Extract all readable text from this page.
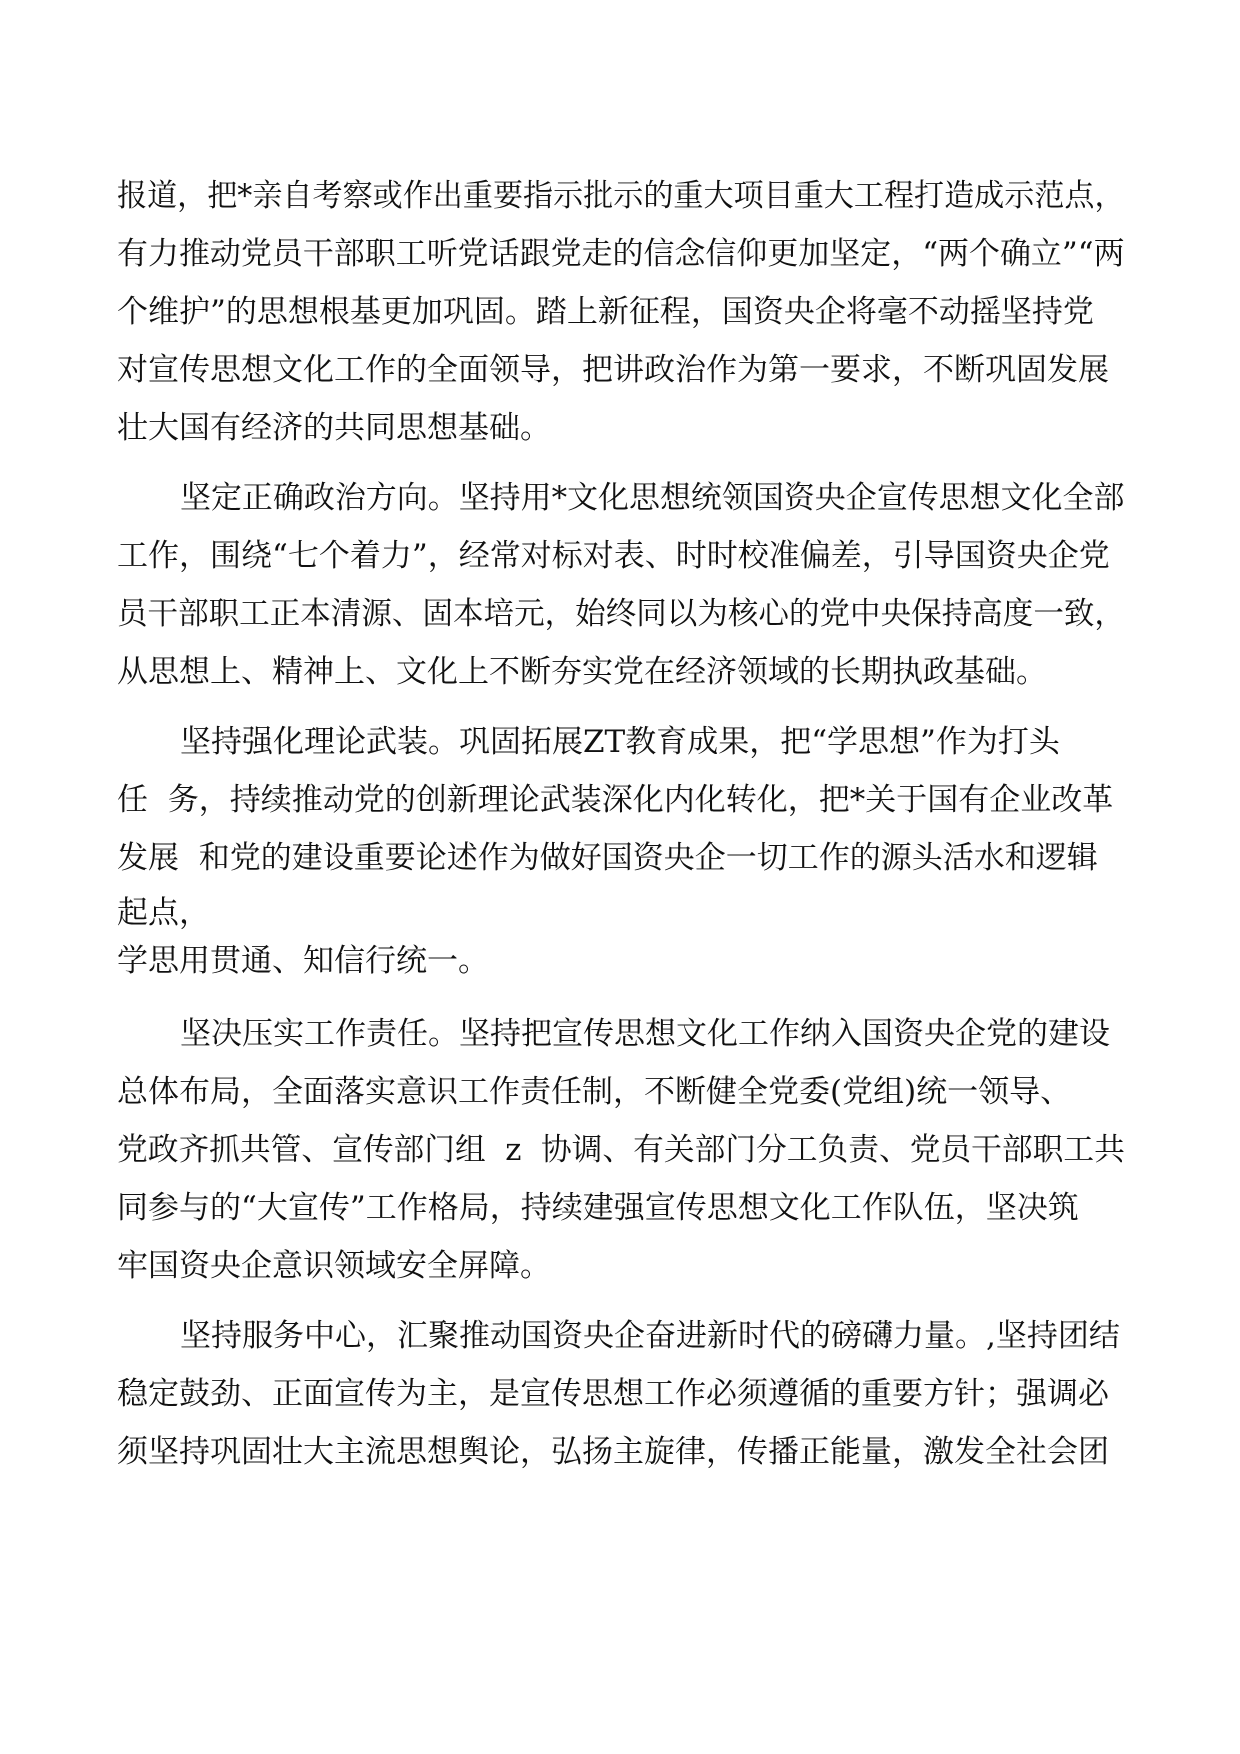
报道，把*亲自考察或作出重要指示批示的重大项目重大工程打造成示范点，
有力推动党员干部职工听党话跟党走的信念信仰更加坚定，“两个确立”“两
个维护”的思想根基更加巩固。踏上新征程，国资央企将毫不动摇坚持党
对宣传思想文化工作的全面领导，把讲政治作为第一要求，不断巩固发展
壮大国有经济的共同思想基础。
坚定正确政治方向。坚持用*文化思想统领国资央企宣传思想文化全部
工作，围绕“七个着力”，经常对标对表、时时校准偏差，引导国资央企党
员干部职工正本清源、固本培元，始终同以为核心的党中央保持高度一致，
从思想上、精神上、文化上不断夯实党在经济领域的长期执政基础。
坚持强化理论武装。巩固拓展ZT教育成果，把“学思想”作为打头
任  务，持续推动党的创新理论武装深化内化转化，把*关于国有企业改革
发展  和党的建设重要论述作为做好国资央企一切工作的源头活水和逻辑
起点，
学思用贯通、知信行统一。
坚决压实工作责任。坚持把宣传思想文化工作纳入国资央企党的建设
总体布局，全面落实意识工作责任制，不断健全党委(党组)统一领导、
党政齐抓共管、宣传部门组  z  协调、有关部门分工负责、党员干部职工共
同参与的“大宣传”工作格局，持续建强宣传思想文化工作队伍，坚决筑
牢国资央企意识领域安全屏障。
坚持服务中心，汇聚推动国资央企奋进新时代的磅礴力量。,坚持团结
稳定鼓劲、正面宣传为主，是宣传思想工作必须遵循的重要方针；强调必
须坚持巩固壮大主流思想舆论，弘扬主旋律，传播正能量，激发全社会团
